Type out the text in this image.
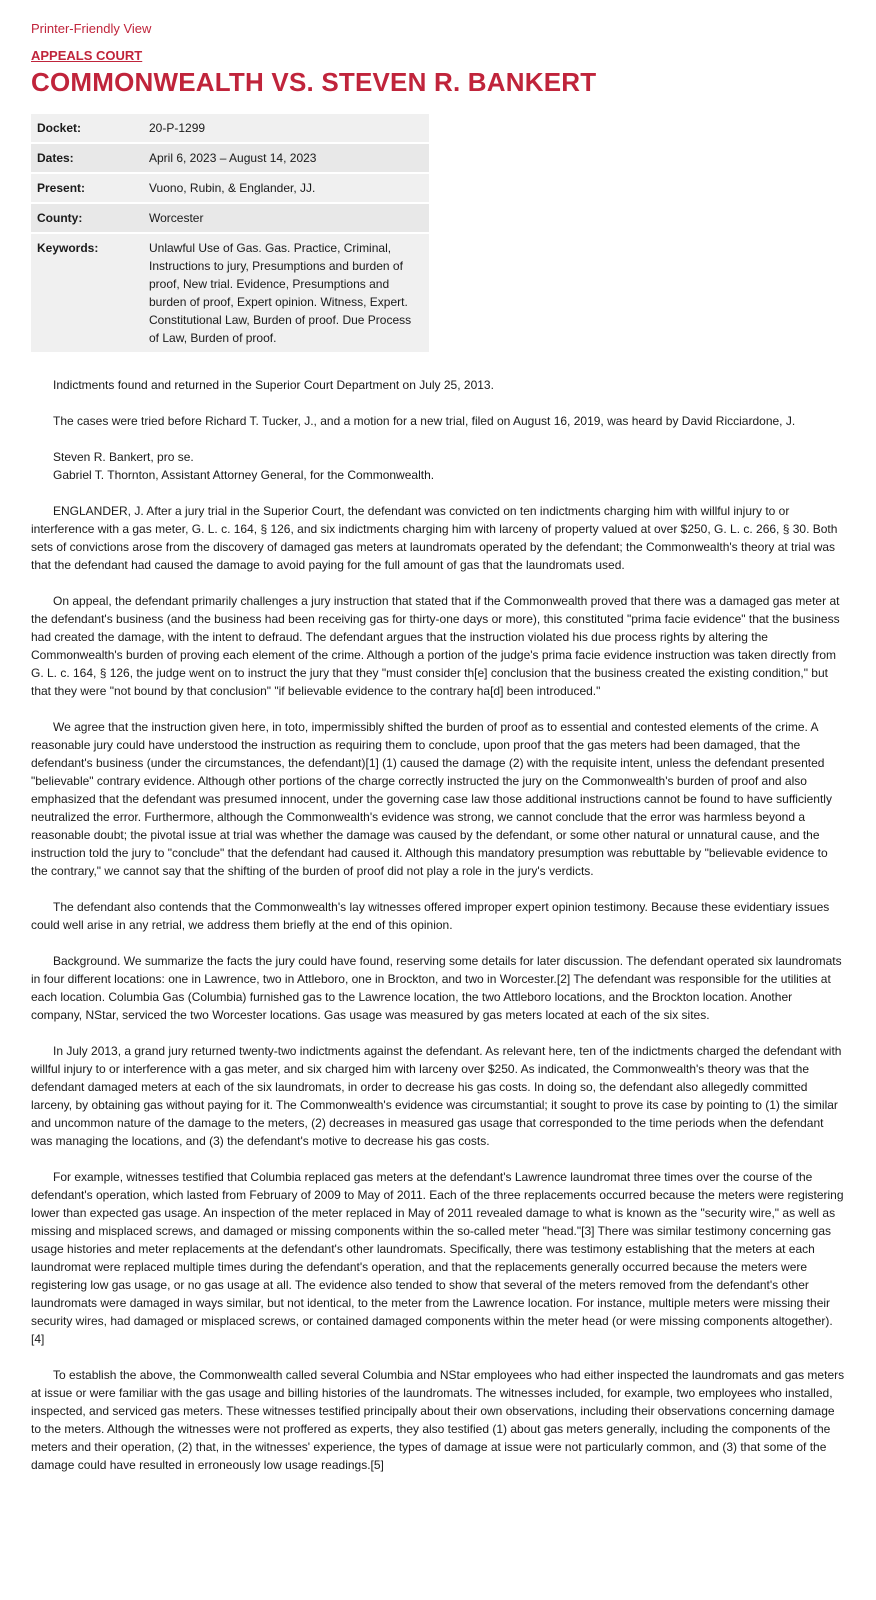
Printer-Friendly View
APPEALS COURT
COMMONWEALTH VS. STEVEN R. BANKERT
Docket:	20-P-1299
Dates:	April 6, 2023 – August 14, 2023
Present:	Vuono, Rubin, & Englander, JJ.
County:	Worcester
Keywords:	Unlawful Use of Gas. Gas. Practice, Criminal, Instructions to jury, Presumptions and burden of proof, New trial. Evidence, Presumptions and burden of proof, Expert opinion. Witness, Expert. Constitutional Law, Burden of proof. Due Process of Law, Burden of proof.

Indictments found and returned in the Superior Court Department on July 25, 2013.

The cases were tried before Richard T. Tucker, J., and a motion for a new trial, filed on August 16, 2019, was heard by David Ricciardone, J.

Steven R. Bankert, pro se.
Gabriel T. Thornton, Assistant Attorney General, for the Commonwealth.

ENGLANDER, J. After a jury trial in the Superior Court, the defendant was convicted on ten indictments charging him with willful injury to or interference with a gas meter, G. L. c. 164, § 126, and six indictments charging him with larceny of property valued at over $250, G. L. c. 266, § 30. Both sets of convictions arose from the discovery of damaged gas meters at laundromats operated by the defendant; the Commonwealth's theory at trial was that the defendant had caused the damage to avoid paying for the full amount of gas that the laundromats used.

On appeal, the defendant primarily challenges a jury instruction that stated that if the Commonwealth proved that there was a damaged gas meter at the defendant's business (and the business had been receiving gas for thirty-one days or more), this constituted "prima facie evidence" that the business had created the damage, with the intent to defraud. The defendant argues that the instruction violated his due process rights by altering the Commonwealth's burden of proving each element of the crime. Although a portion of the judge's prima facie evidence instruction was taken directly from G. L. c. 164, § 126, the judge went on to instruct the jury that they "must consider th[e] conclusion that the business created the existing condition," but that they were "not bound by that conclusion" "if believable evidence to the contrary ha[d] been introduced."

We agree that the instruction given here, in toto, impermissibly shifted the burden of proof as to essential and contested elements of the crime. A reasonable jury could have understood the instruction as requiring them to conclude, upon proof that the gas meters had been damaged, that the defendant's business (under the circumstances, the defendant)[1] (1) caused the damage (2) with the requisite intent, unless the defendant presented "believable" contrary evidence. Although other portions of the charge correctly instructed the jury on the Commonwealth's burden of proof and also emphasized that the defendant was presumed innocent, under the governing case law those additional instructions cannot be found to have sufficiently neutralized the error. Furthermore, although the Commonwealth's evidence was strong, we cannot conclude that the error was harmless beyond a reasonable doubt; the pivotal issue at trial was whether the damage was caused by the defendant, or some other natural or unnatural cause, and the instruction told the jury to "conclude" that the defendant had caused it. Although this mandatory presumption was rebuttable by "believable evidence to the contrary," we cannot say that the shifting of the burden of proof did not play a role in the jury's verdicts.

The defendant also contends that the Commonwealth's lay witnesses offered improper expert opinion testimony. Because these evidentiary issues could well arise in any retrial, we address them briefly at the end of this opinion.

Background. We summarize the facts the jury could have found, reserving some details for later discussion. The defendant operated six laundromats in four different locations: one in Lawrence, two in Attleboro, one in Brockton, and two in Worcester.[2] The defendant was responsible for the utilities at each location. Columbia Gas (Columbia) furnished gas to the Lawrence location, the two Attleboro locations, and the Brockton location. Another company, NStar, serviced the two Worcester locations. Gas usage was measured by gas meters located at each of the six sites.

In July 2013, a grand jury returned twenty-two indictments against the defendant. As relevant here, ten of the indictments charged the defendant with willful injury to or interference with a gas meter, and six charged him with larceny over $250. As indicated, the Commonwealth's theory was that the defendant damaged meters at each of the six laundromats, in order to decrease his gas costs. In doing so, the defendant also allegedly committed larceny, by obtaining gas without paying for it. The Commonwealth's evidence was circumstantial; it sought to prove its case by pointing to (1) the similar and uncommon nature of the damage to the meters, (2) decreases in measured gas usage that corresponded to the time periods when the defendant was managing the locations, and (3) the defendant's motive to decrease his gas costs.

For example, witnesses testified that Columbia replaced gas meters at the defendant's Lawrence laundromat three times over the course of the defendant's operation, which lasted from February of 2009 to May of 2011. Each of the three replacements occurred because the meters were registering lower than expected gas usage. An inspection of the meter replaced in May of 2011 revealed damage to what is known as the "security wire," as well as missing and misplaced screws, and damaged or missing components within the so-called meter "head."[3] There was similar testimony concerning gas usage histories and meter replacements at the defendant's other laundromats. Specifically, there was testimony establishing that the meters at each laundromat were replaced multiple times during the defendant's operation, and that the replacements generally occurred because the meters were registering low gas usage, or no gas usage at all. The evidence also tended to show that several of the meters removed from the defendant's other laundromats were damaged in ways similar, but not identical, to the meter from the Lawrence location. For instance, multiple meters were missing their security wires, had damaged or misplaced screws, or contained damaged components within the meter head (or were missing components altogether).[4]

To establish the above, the Commonwealth called several Columbia and NStar employees who had either inspected the laundromats and gas meters at issue or were familiar with the gas usage and billing histories of the laundromats. The witnesses included, for example, two employees who installed, inspected, and serviced gas meters. These witnesses testified principally about their own observations, including their observations concerning damage to the meters. Although the witnesses were not proffered as experts, they also testified (1) about gas meters generally, including the components of the meters and their operation, (2) that, in the witnesses' experience, the types of damage at issue were not particularly common, and (3) that some of the damage could have resulted in erroneously low usage readings.[5]
